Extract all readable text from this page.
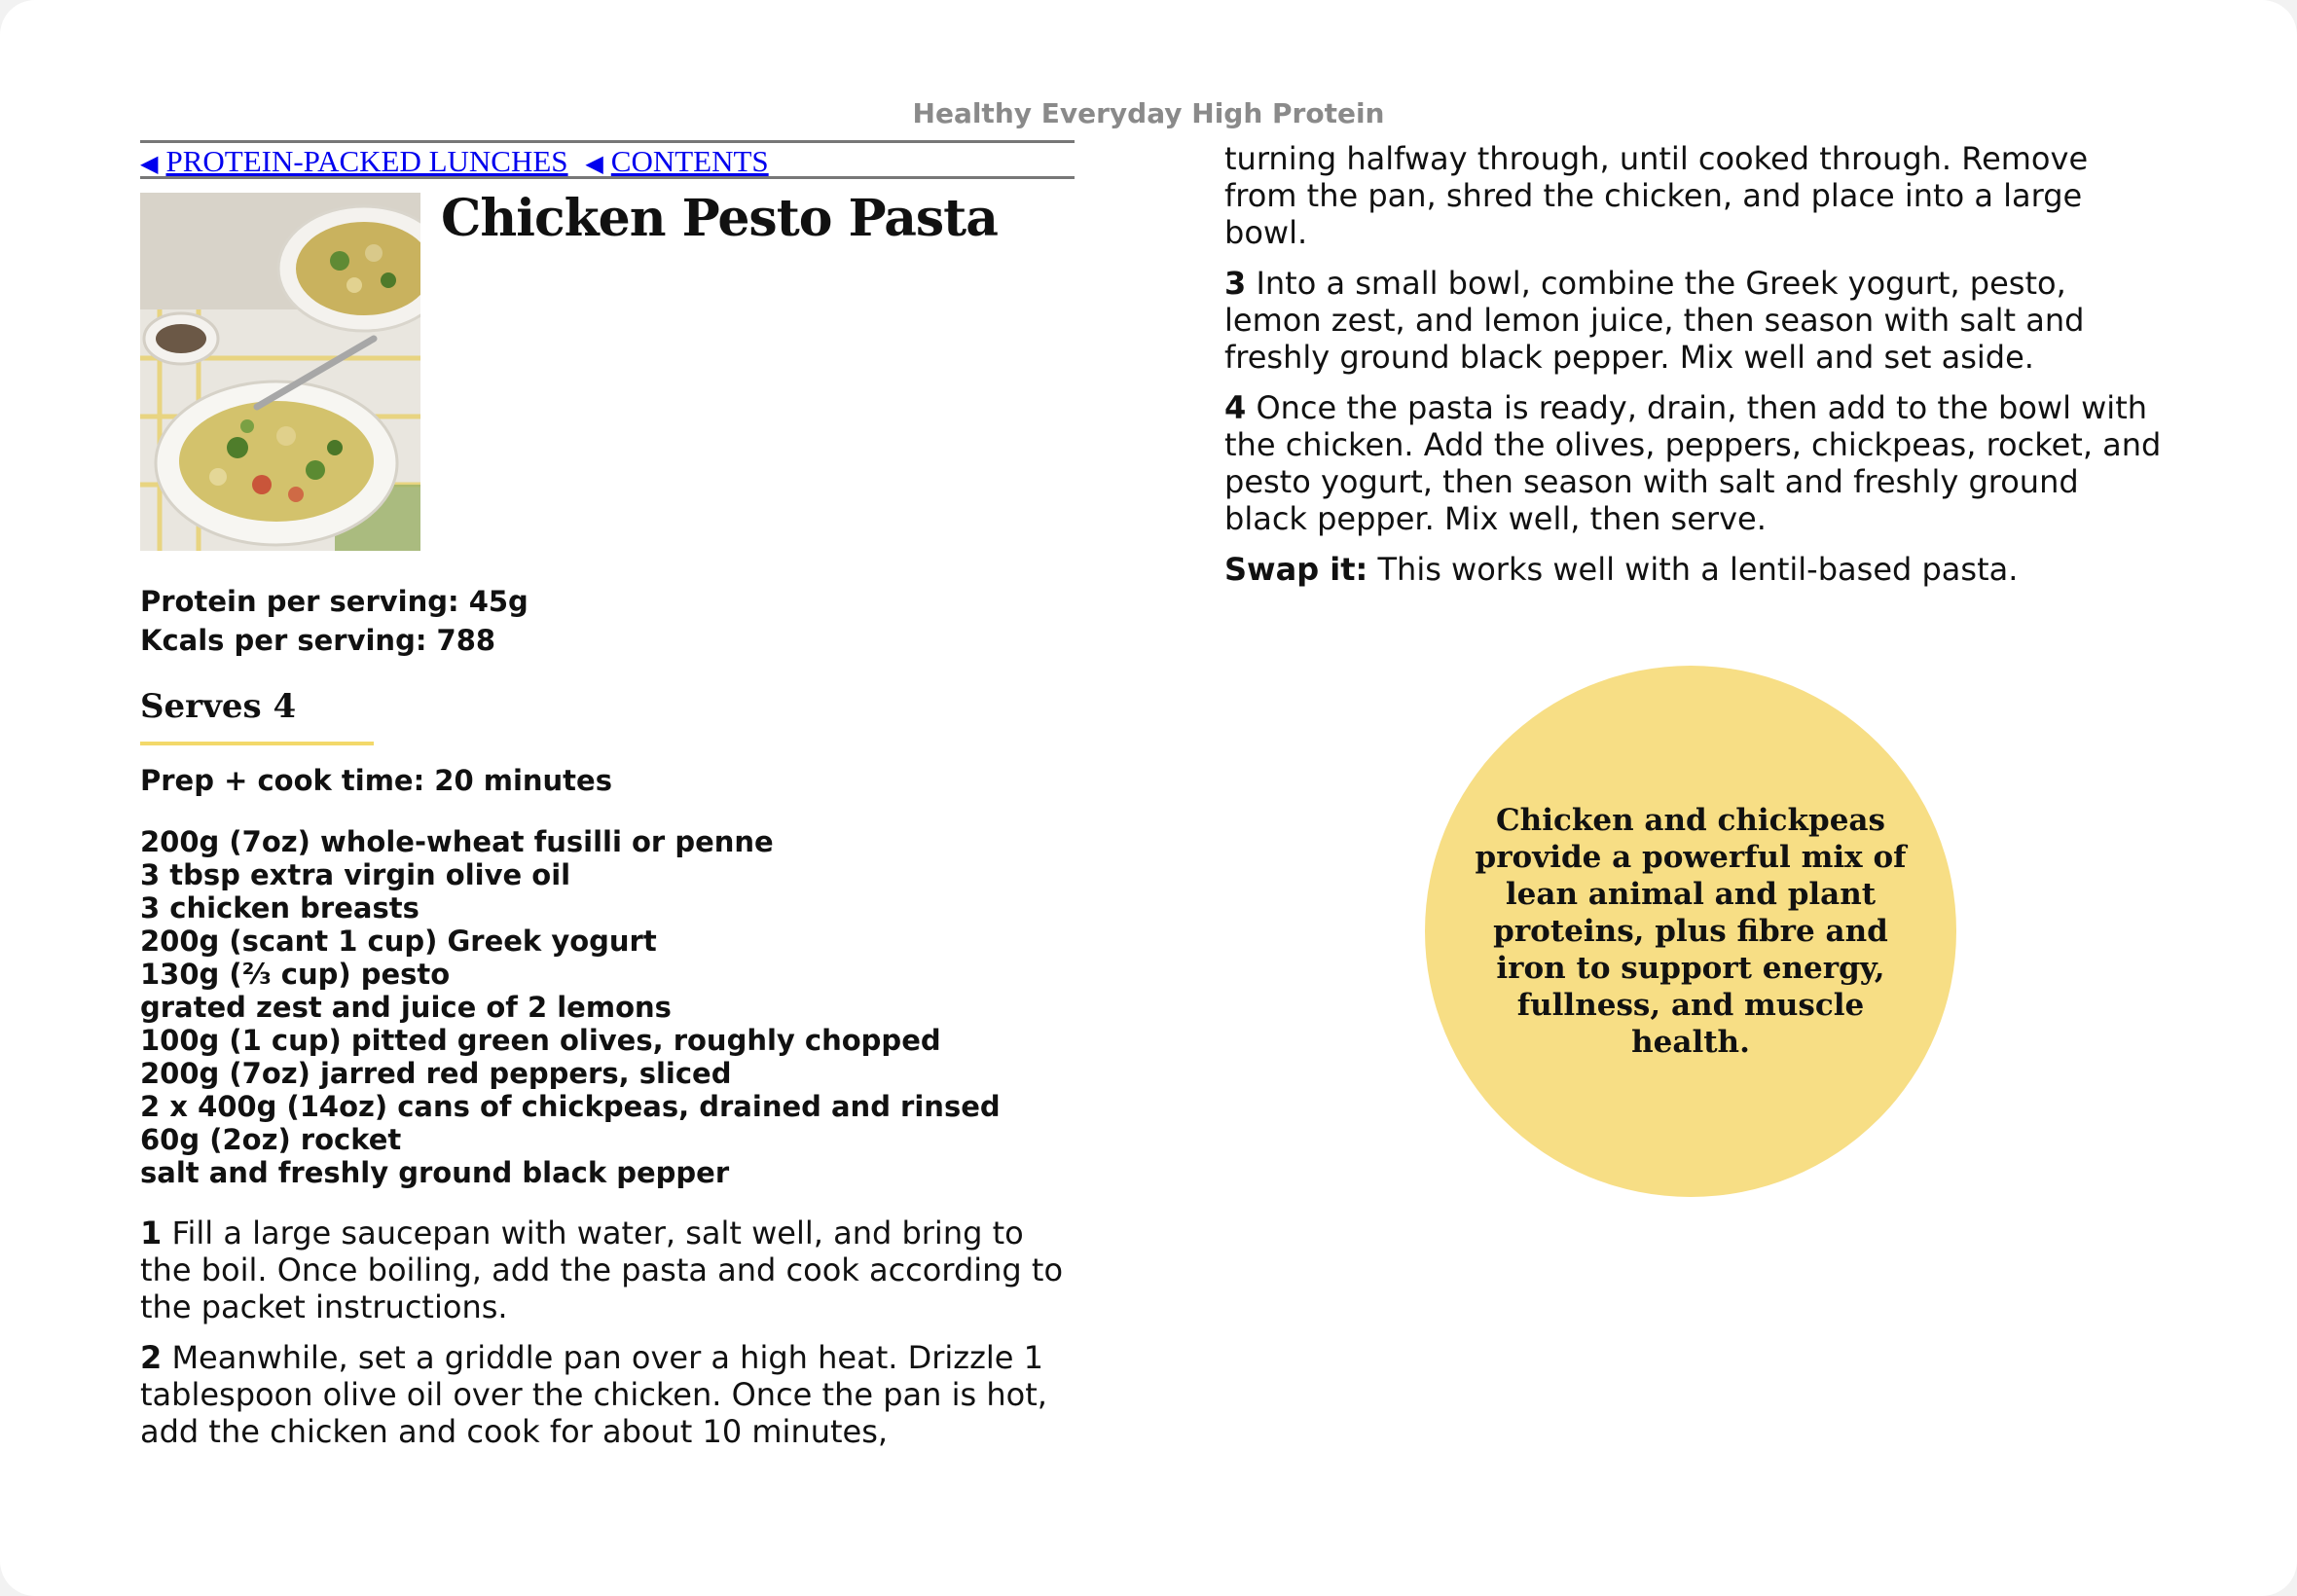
Healthy Everyday High Protein
◀ PROTEIN-PACKED LUNCHES ◀ CONTENTS
Chicken Pesto Pasta
Protein per serving: 45g
Kcals per serving: 788
Serves 4
Prep + cook time: 20 minutes
200g (7oz) whole-wheat fusilli or penne
3 tbsp extra virgin olive oil
3 chicken breasts
200g (scant 1 cup) Greek yogurt
130g (⅔ cup) pesto
grated zest and juice of 2 lemons
100g (1 cup) pitted green olives, roughly chopped
200g (7oz) jarred red peppers, sliced
2 x 400g (14oz) cans of chickpeas, drained and rinsed
60g (2oz) rocket
salt and freshly ground black pepper

1 Fill a large saucepan with water, salt well, and bring to the boil. Once boiling, add the pasta and cook according to the packet instructions.

2 Meanwhile, set a griddle pan over a high heat. Drizzle 1 tablespoon olive oil over the chicken. Once the pan is hot, add the chicken and cook for about 10 minutes,

turning halfway through, until cooked through. Remove from the pan, shred the chicken, and place into a large bowl.

3 Into a small bowl, combine the Greek yogurt, pesto, lemon zest, and lemon juice, then season with salt and freshly ground black pepper. Mix well and set aside.

4 Once the pasta is ready, drain, then add to the bowl with the chicken. Add the olives, peppers, chickpeas, rocket, and pesto yogurt, then season with salt and freshly ground black pepper. Mix well, then serve.

Swap it: This works well with a lentil-based pasta.

Chicken and chickpeas provide a powerful mix of lean animal and plant proteins, plus fibre and iron to support energy, fullness, and muscle health.
